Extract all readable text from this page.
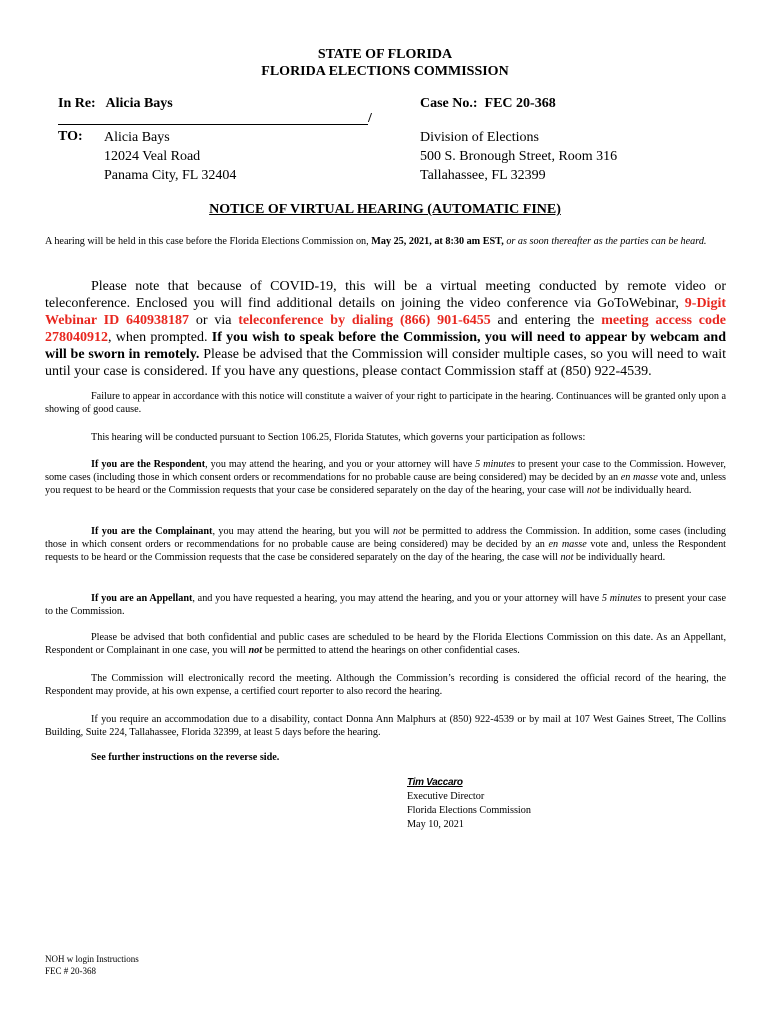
STATE OF FLORIDA
FLORIDA ELECTIONS COMMISSION
In Re: Alicia Bays	Case No.: FEC 20-368
/
TO: Alicia Bays
12024 Veal Road
Panama City, FL 32404
Division of Elections
500 S. Bronough Street, Room 316
Tallahassee, FL 32399
NOTICE OF VIRTUAL HEARING (AUTOMATIC FINE)
A hearing will be held in this case before the Florida Elections Commission on, May 25, 2021, at 8:30 am EST, or as soon thereafter as the parties can be heard.
Please note that because of COVID-19, this will be a virtual meeting conducted by remote video or teleconference. Enclosed you will find additional details on joining the video conference via GoToWebinar, 9-Digit Webinar ID 640938187 or via teleconference by dialing (866) 901-6455 and entering the meeting access code 278040912, when prompted. If you wish to speak before the Commission, you will need to appear by webcam and will be sworn in remotely. Please be advised that the Commission will consider multiple cases, so you will need to wait until your case is considered. If you have any questions, please contact Commission staff at (850) 922-4539.
Failure to appear in accordance with this notice will constitute a waiver of your right to participate in the hearing. Continuances will be granted only upon a showing of good cause.
This hearing will be conducted pursuant to Section 106.25, Florida Statutes, which governs your participation as follows:
If you are the Respondent, you may attend the hearing, and you or your attorney will have 5 minutes to present your case to the Commission. However, some cases (including those in which consent orders or recommendations for no probable cause are being considered) may be decided by an en masse vote and, unless you request to be heard or the Commission requests that your case be considered separately on the day of the hearing, your case will not be individually heard.
If you are the Complainant, you may attend the hearing, but you will not be permitted to address the Commission. In addition, some cases (including those in which consent orders or recommendations for no probable cause are being considered) may be decided by an en masse vote and, unless the Respondent requests to be heard or the Commission requests that the case be considered separately on the day of the hearing, the case will not be individually heard.
If you are an Appellant, and you have requested a hearing, you may attend the hearing, and you or your attorney will have 5 minutes to present your case to the Commission.
Please be advised that both confidential and public cases are scheduled to be heard by the Florida Elections Commission on this date. As an Appellant, Respondent or Complainant in one case, you will not be permitted to attend the hearings on other confidential cases.
The Commission will electronically record the meeting. Although the Commission’s recording is considered the official record of the hearing, the Respondent may provide, at his own expense, a certified court reporter to also record the hearing.
If you require an accommodation due to a disability, contact Donna Ann Malphurs at (850) 922-4539 or by mail at 107 West Gaines Street, The Collins Building, Suite 224, Tallahassee, Florida 32399, at least 5 days before the hearing.
See further instructions on the reverse side.
Tim Vaccaro
Executive Director
Florida Elections Commission
May 10, 2021
NOH w login Instructions
FEC # 20-368
